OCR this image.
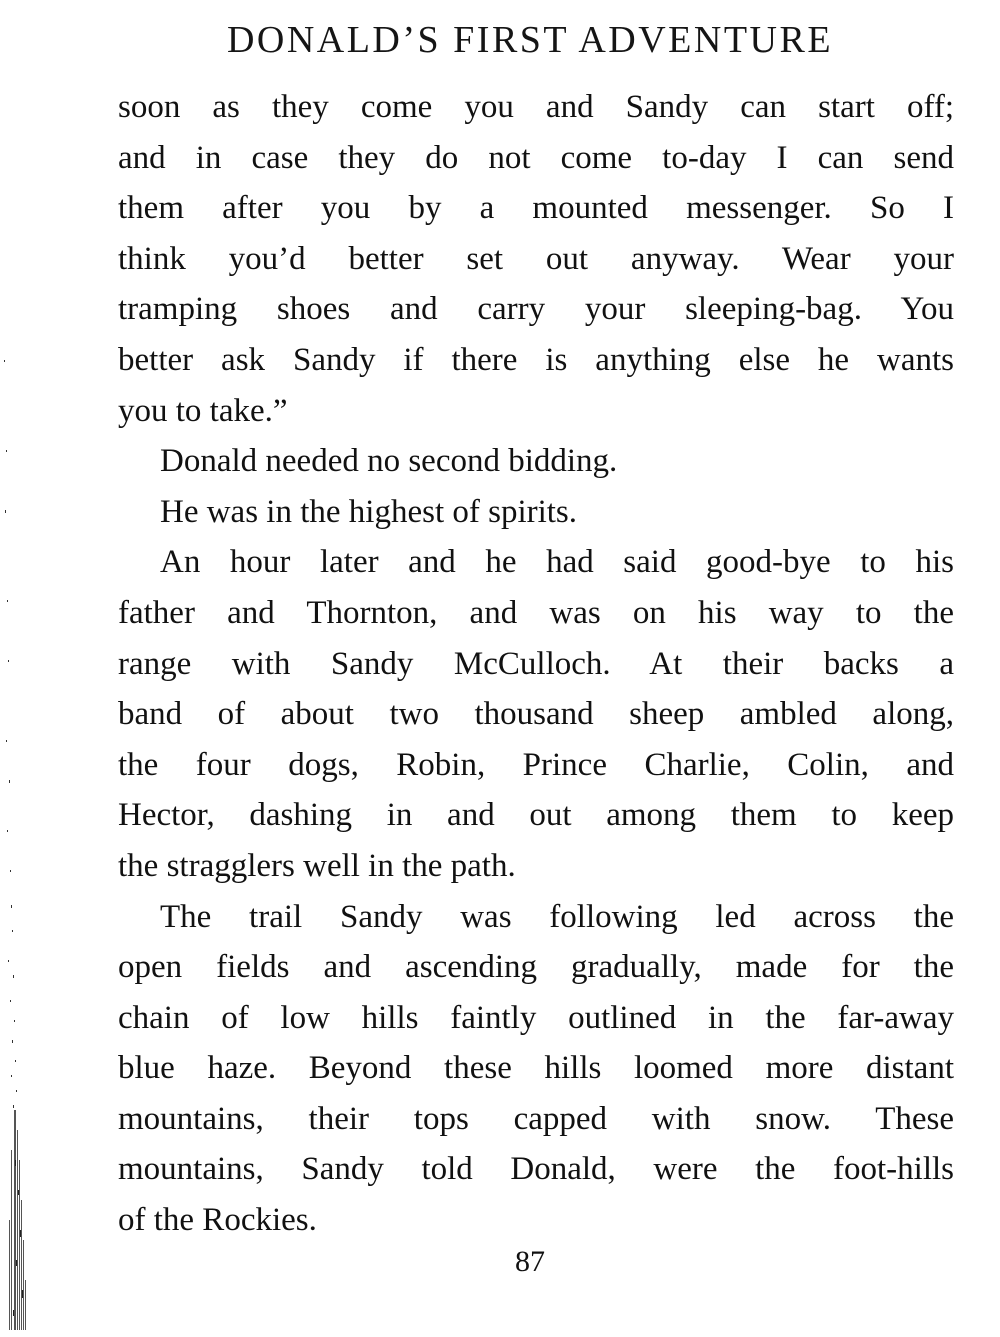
DONALD’S FIRST ADVENTURE
soon as they come you and Sandy can start off;
and in case they do not come to-day I can send
them after you by a mounted messenger. So I
think you’d better set out anyway. Wear your
tramping shoes and carry your sleeping-bag. You
better ask Sandy if there is anything else he wants
you to take.”
Donald needed no second bidding.
He was in the highest of spirits.
An hour later and he had said good-bye to his
father and Thornton, and was on his way to the
range with Sandy McCulloch. At their backs a
band of about two thousand sheep ambled along,
the four dogs, Robin, Prince Charlie, Colin, and
Hector, dashing in and out among them to keep
the stragglers well in the path.
The trail Sandy was following led across the
open fields and ascending gradually, made for the
chain of low hills faintly outlined in the far-away
blue haze. Beyond these hills loomed more distant
mountains, their tops capped with snow. These
mountains, Sandy told Donald, were the foot-hills
of the Rockies.
87
